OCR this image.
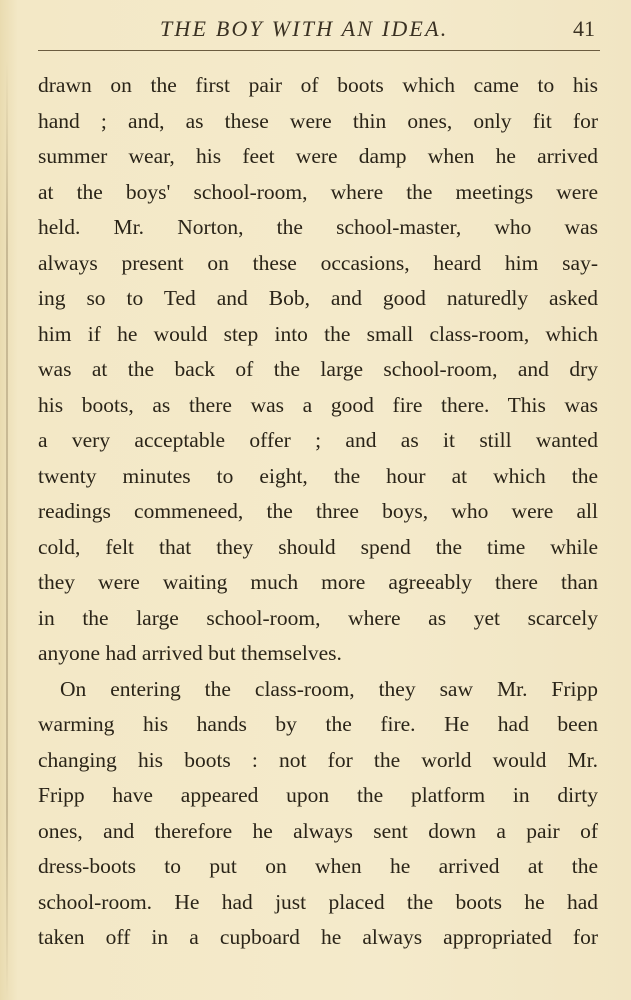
THE BOY WITH AN IDEA.	41
drawn on the first pair of boots which came to his
hand ; and, as these were thin ones, only fit for
summer wear, his feet were damp when he arrived
at the boys' school-room, where the meetings were
held. Mr. Norton, the school-master, who was
always present on these occasions, heard him say-
ing so to Ted and Bob, and good naturedly asked
him if he would step into the small class-room, which
was at the back of the large school-room, and dry
his boots, as there was a good fire there. This was
a very acceptable offer ; and as it still wanted
twenty minutes to eight, the hour at which the
readings commeneed, the three boys, who were all
cold, felt that they should spend the time while
they were waiting much more agreeably there than
in the large school-room, where as yet scarcely
anyone had arrived but themselves.
On entering the class-room, they saw Mr. Fripp
warming his hands by the fire. He had been
changing his boots : not for the world would Mr.
Fripp have appeared upon the platform in dirty
ones, and therefore he always sent down a pair of
dress-boots to put on when he arrived at the
school-room. He had just placed the boots he had
taken off in a cupboard he always appropriated for
